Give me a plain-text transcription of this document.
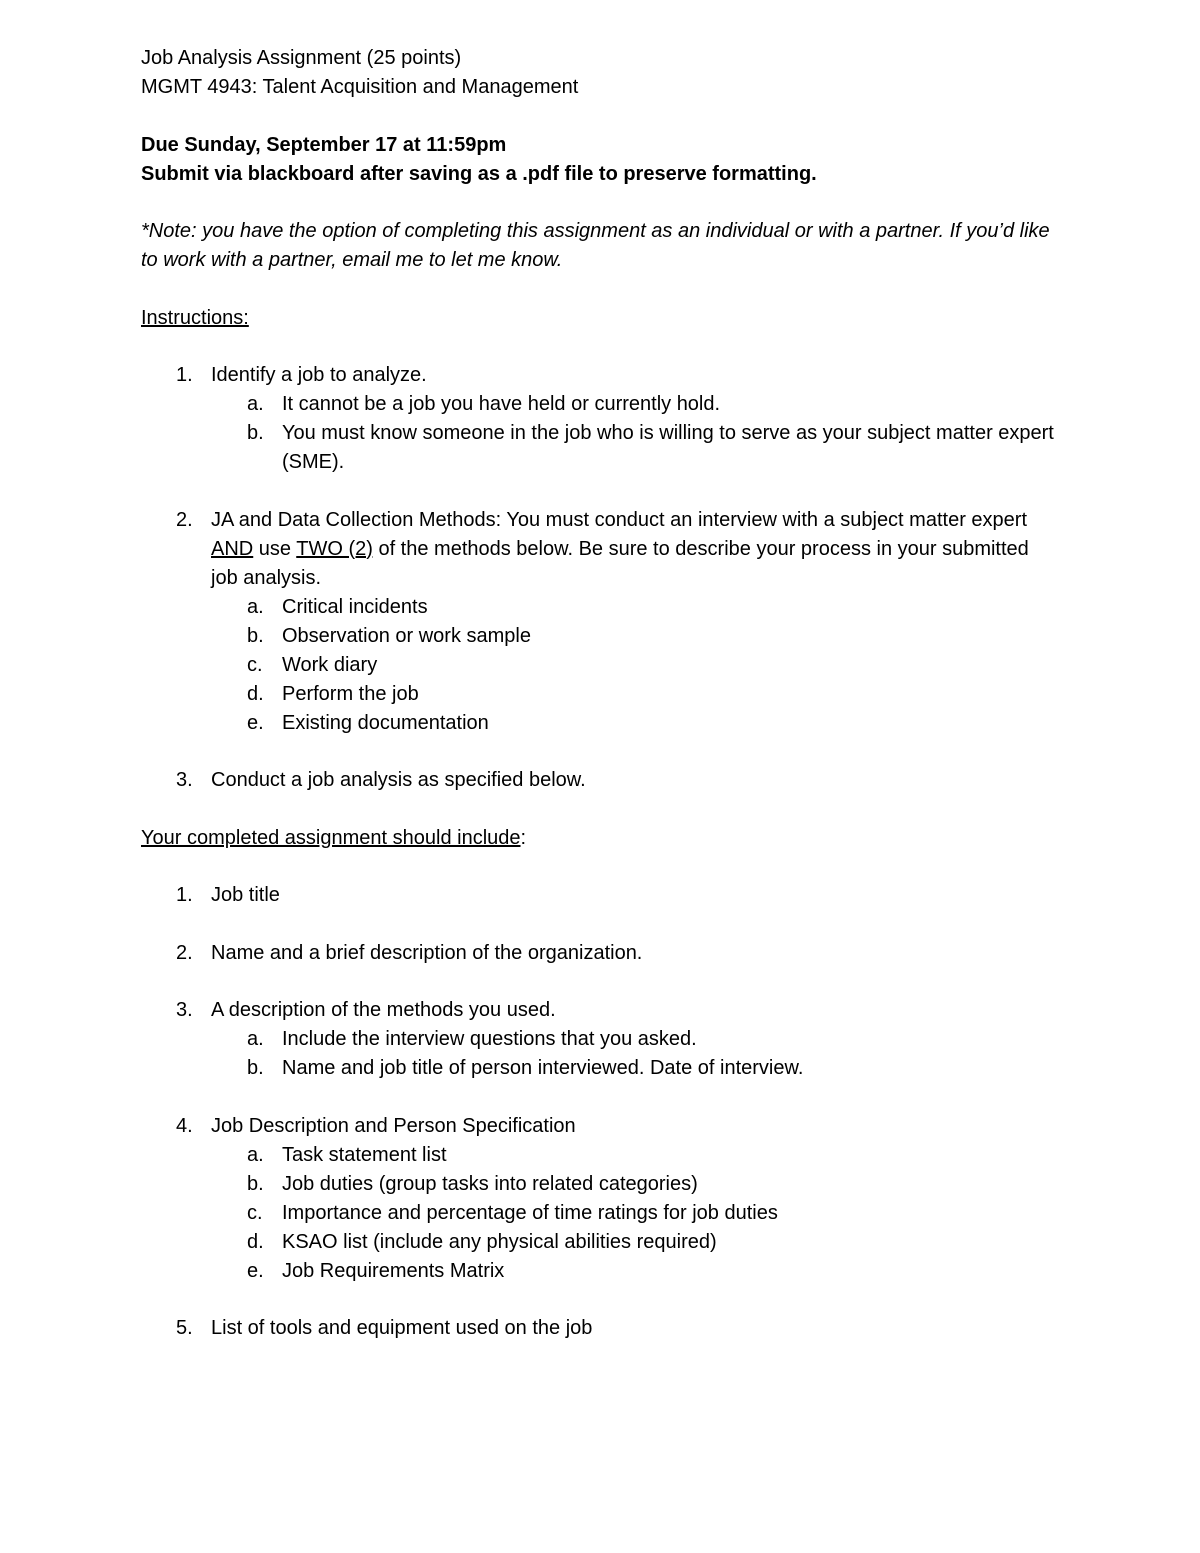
Job Analysis Assignment (25 points)
MGMT 4943: Talent Acquisition and Management
Due Sunday, September 17 at 11:59pm
Submit via blackboard after saving as a .pdf file to preserve formatting.
*Note: you have the option of completing this assignment as an individual or with a partner. If you’d like to work with a partner, email me to let me know.
Instructions:
1. Identify a job to analyze.
a. It cannot be a job you have held or currently hold.
b. You must know someone in the job who is willing to serve as your subject matter expert (SME).
2. JA and Data Collection Methods: You must conduct an interview with a subject matter expert AND use TWO (2) of the methods below. Be sure to describe your process in your submitted job analysis.
a. Critical incidents
b. Observation or work sample
c. Work diary
d. Perform the job
e. Existing documentation
3. Conduct a job analysis as specified below.
Your completed assignment should include:
1. Job title
2. Name and a brief description of the organization.
3. A description of the methods you used.
a. Include the interview questions that you asked.
b. Name and job title of person interviewed. Date of interview.
4. Job Description and Person Specification
a. Task statement list
b. Job duties (group tasks into related categories)
c. Importance and percentage of time ratings for job duties
d. KSAO list (include any physical abilities required)
e. Job Requirements Matrix
5. List of tools and equipment used on the job
